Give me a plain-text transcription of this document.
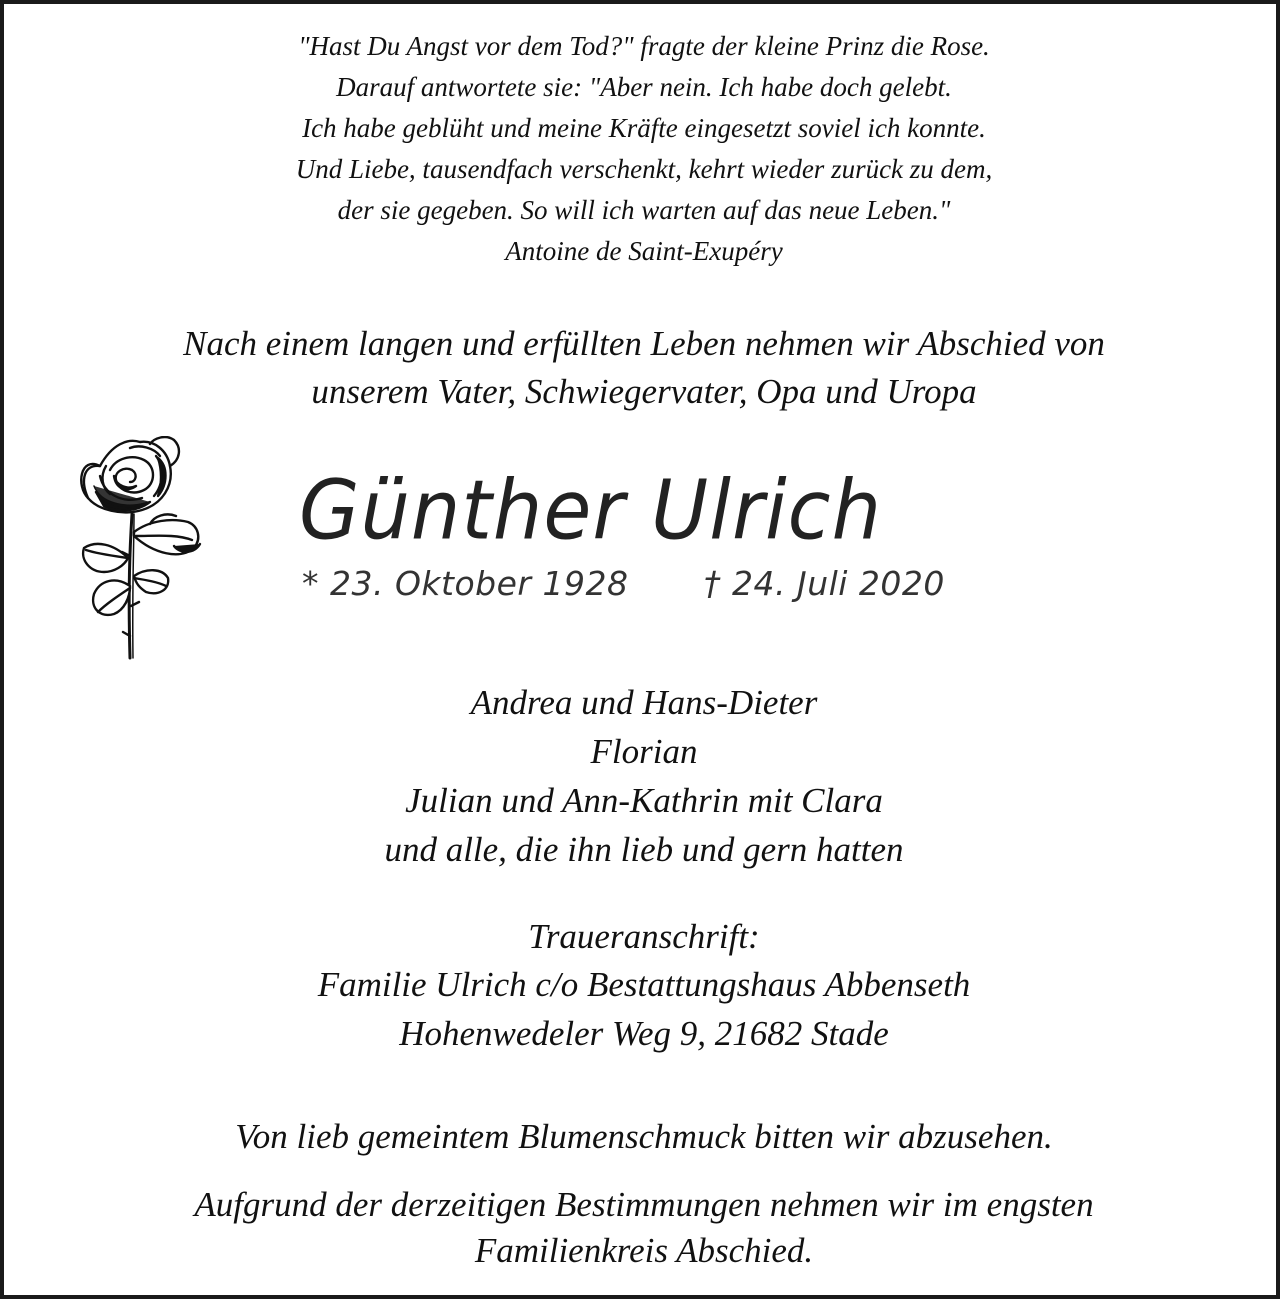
"Hast Du Angst vor dem Tod?" fragte der kleine Prinz die Rose.
Darauf antwortete sie: "Aber nein. Ich habe doch gelebt.
Ich habe geblüht und meine Kräfte eingesetzt soviel ich konnte.
Und Liebe, tausendfach verschenkt, kehrt wieder zurück zu dem,
der sie gegeben. So will ich warten auf das neue Leben."
Antoine de Saint-Exupéry
Nach einem langen und erfüllten Leben nehmen wir Abschied von
unserem Vater, Schwiegervater, Opa und Uropa
Günther Ulrich
* 23. Oktober 1928 † 24. Juli 2020
Andrea und Hans-Dieter
Florian
Julian und Ann-Kathrin mit Clara
und alle, die ihn lieb und gern hatten
Traueranschrift:
Familie Ulrich c/o Bestattungshaus Abbenseth
Hohenwedeler Weg 9, 21682 Stade
Von lieb gemeintem Blumenschmuck bitten wir abzusehen.
Aufgrund der derzeitigen Bestimmungen nehmen wir im engsten
Familienkreis Abschied.
